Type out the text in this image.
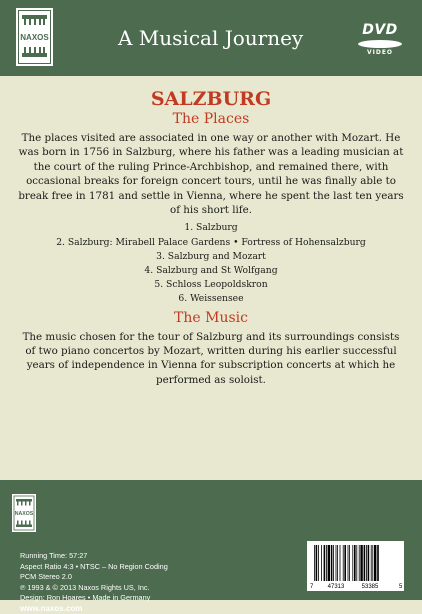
NAXOS	A Musical Journey	DVD
VIDEO
SALZBURG
The Places

The places visited are associated in one way or another with Mozart. He was born in 1756 in Salzburg, where his father was a leading musician at the court of the ruling Prince-Archbishop, and remained there, with occasional breaks for foreign concert tours, until he was finally able to break free in 1781 and settle in Vienna, where he spent the last ten years of his short life.

1. Salzburg
2. Salzburg: Mirabell Palace Gardens • Fortress of Hohensalzburg
3. Salzburg and Mozart
4. Salzburg and St Wolfgang
5. Schloss Leopoldskron
6. Weissensee
The Music

The music chosen for the tour of Salzburg and its surroundings consists of two piano concertos by Mozart, written during his earlier successful years of independence in Vienna for subscription concerts at which he performed as soloist.

NAXOS
Running Time: 57:27
Aspect Ratio 4:3 • NTSC – No Region Coding
PCM Stereo 2.0
℗ 1993 & © 2013 Naxos Rights US, Inc.
Design: Ron Hoares • Made in Germany
www.naxos.com
7 47313	53385	5
